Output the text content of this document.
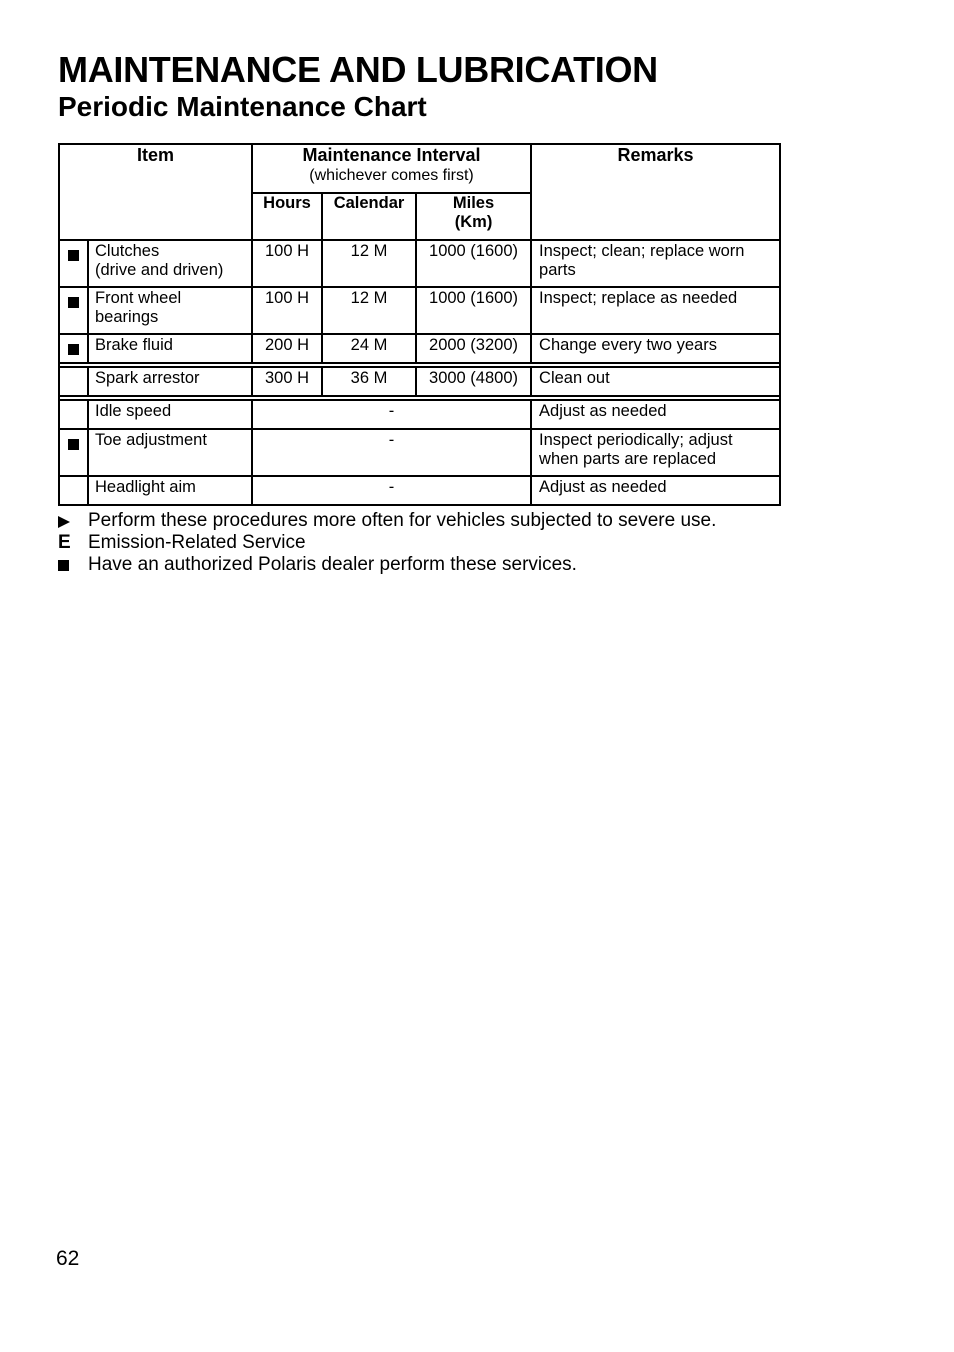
MAINTENANCE AND LUBRICATION
Periodic Maintenance Chart
Item		Maintenance Interval
(whichever comes first)			Remarks
		Hours	Calendar	Miles
(Km)	

	Clutches
(drive and driven)	100 H	12 M	1000 (1600)	Inspect; clean; replace worn parts

	Front wheel
bearings	100 H	12 M	1000 (1600)	Inspect; replace as needed
	Brake fluid	200 H	24 M	2000 (3200)	Change every two years

	Spark arrestor	300 H	36 M	3000 (4800)	Clean out

	Idle speed	-			Adjust as needed
	Toe adjustment	-			Inspect periodically; adjust when parts are replaced
	Headlight aim	-			Adjust as needed
Perform these procedures more often for vehicles subjected to severe use.
E Emission-Related Service
Have an authorized Polaris dealer perform these services.
62
